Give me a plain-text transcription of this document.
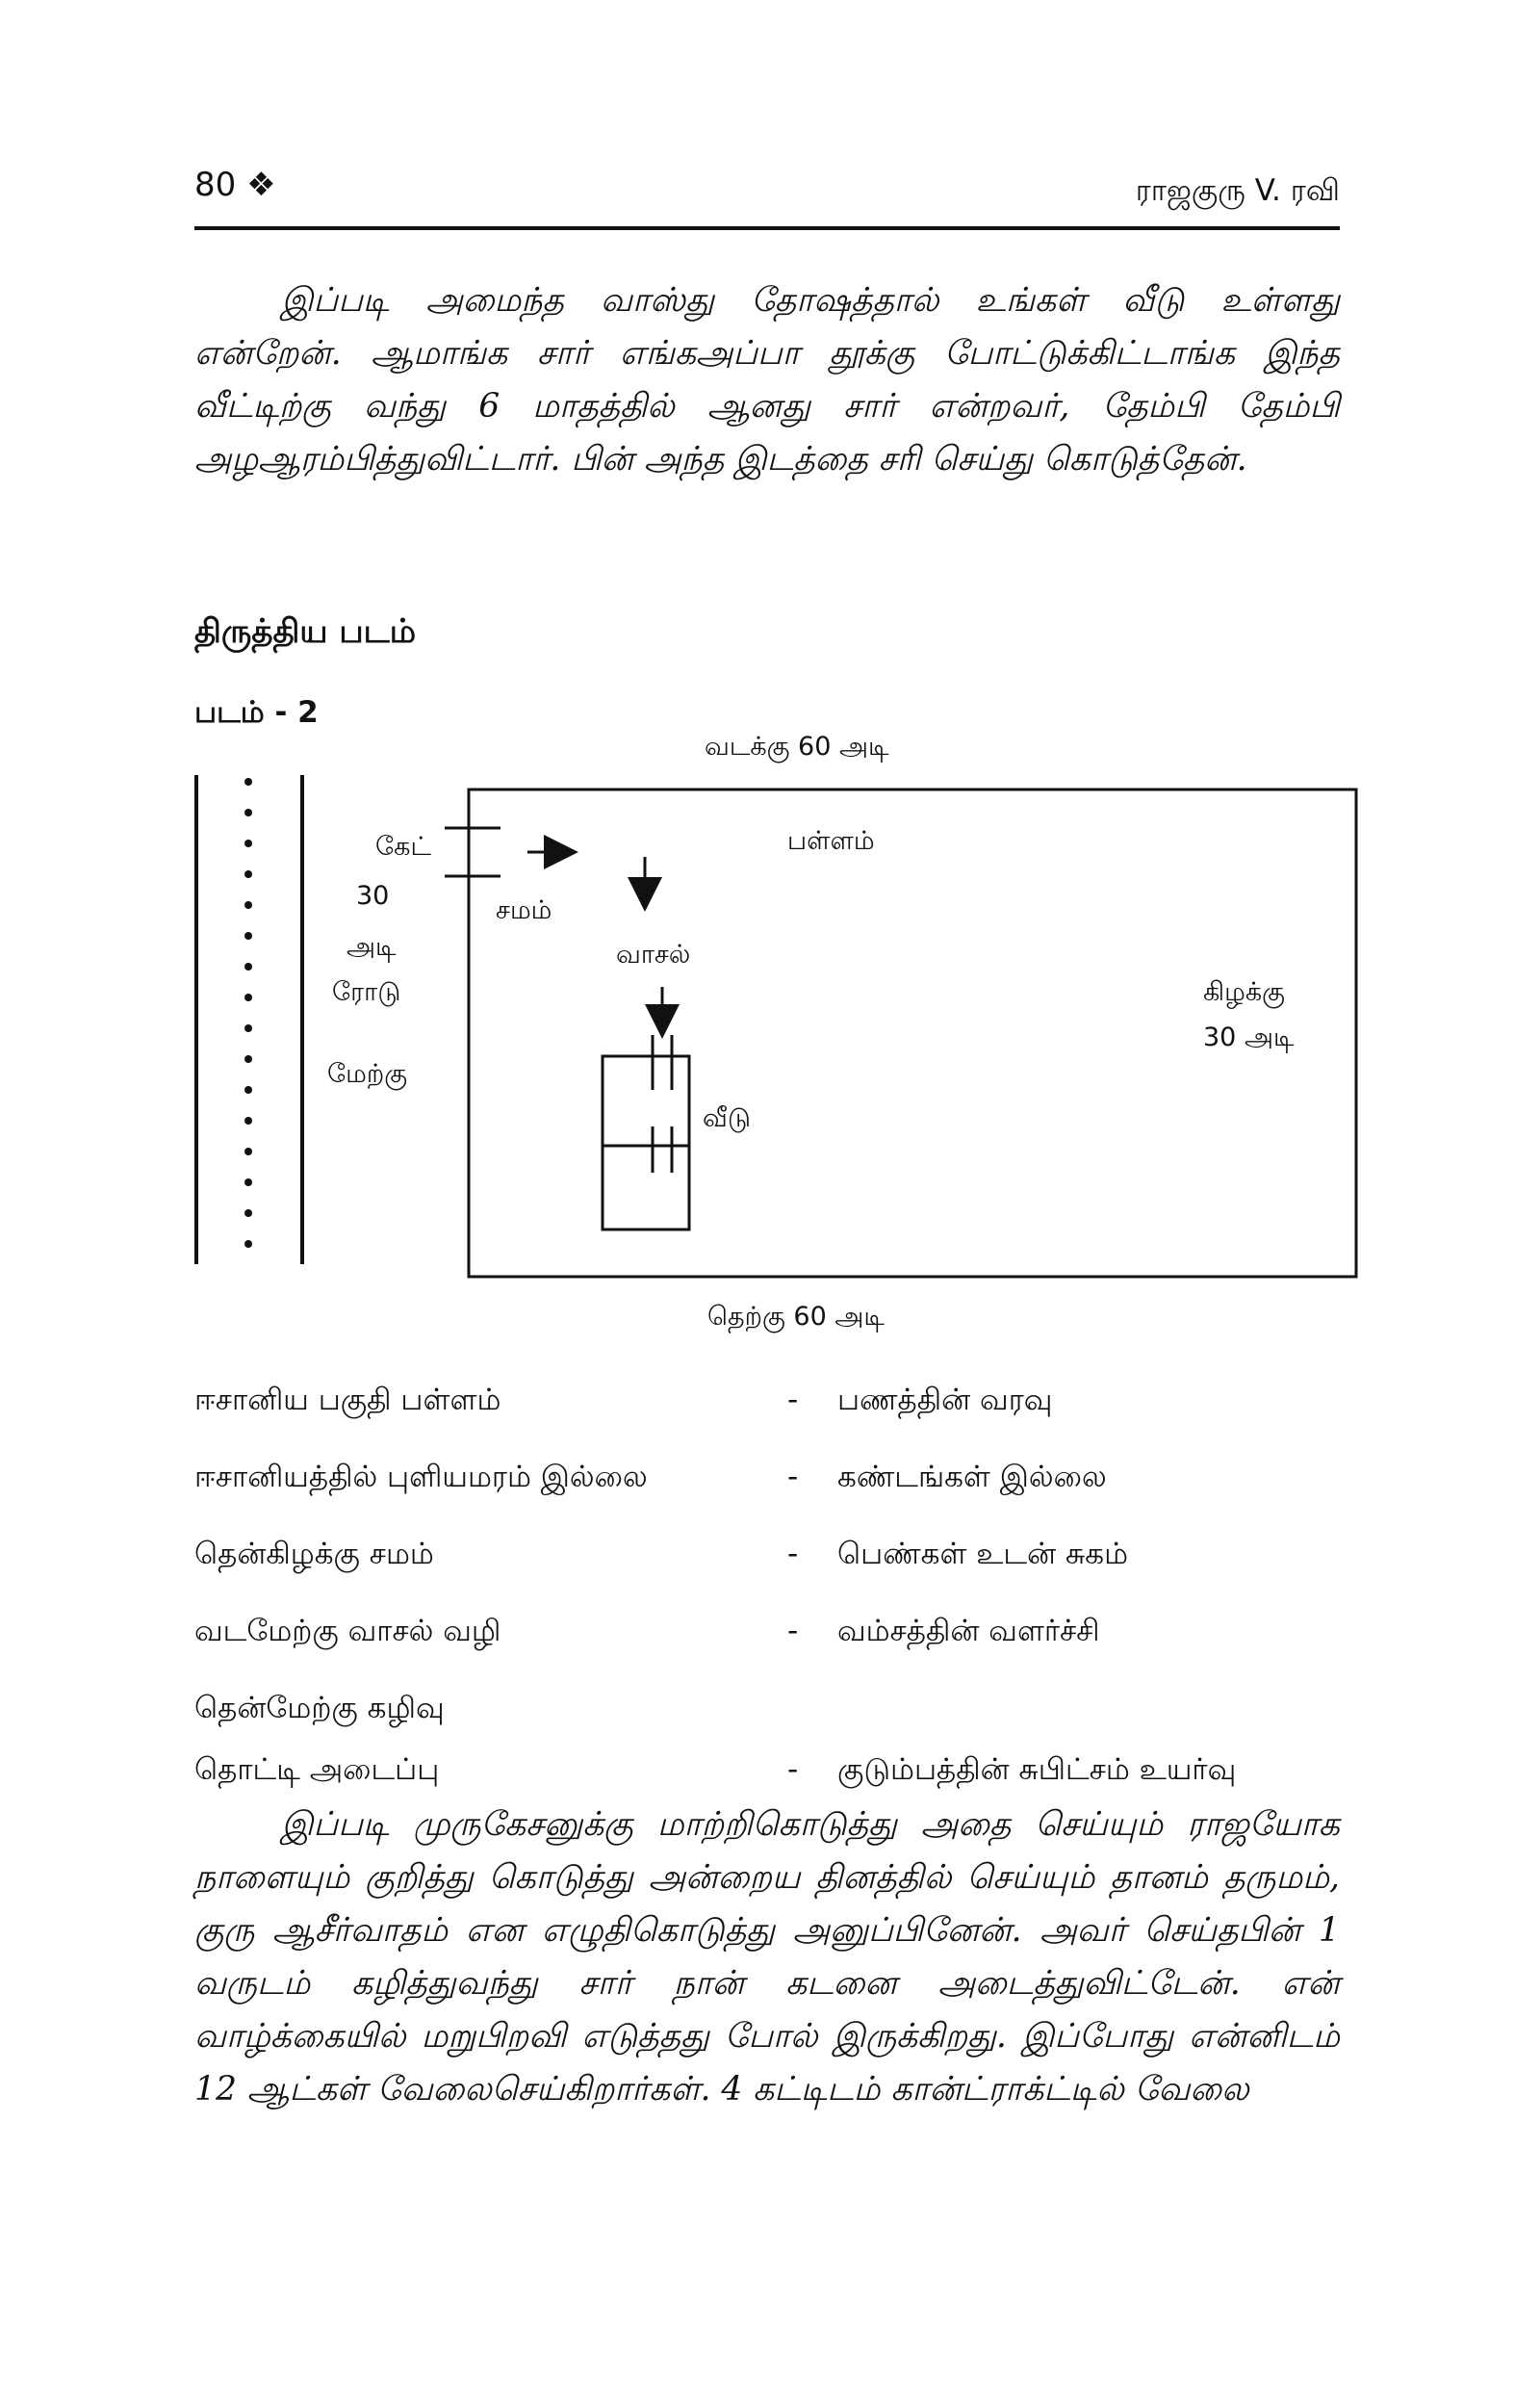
80 ❖	ராஜகுரு V. ரவி

இப்படி அமைந்த வாஸ்து தோஷத்தால் உங்கள் வீடு உள்ளது என்றேன். ஆமாங்க சார் எங்கஅப்பா தூக்கு போட்டுக்கிட்டாங்க இந்த வீட்டிற்கு வந்து 6 மாதத்தில் ஆனது சார் என்றவர், தேம்பி தேம்பி அழஆரம்பித்துவிட்டார். பின் அந்த இடத்தை சரி செய்து கொடுத்தேன்.

திருத்திய படம்
படம் - 2
வடக்கு 60 அடி
தெற்கு 60 அடி
கிழக்கு
30 அடி
கேட்
30
அடி
ரோடு
மேற்கு
சமம்
பள்ளம்
வாசல்
வீடு
ஈசானிய பகுதி பள்ளம்	- பணத்தின் வரவு
ஈசானியத்தில் புளியமரம் இல்லை	- கண்டங்கள் இல்லை
தென்கிழக்கு சமம்	- பெண்கள் உடன் சுகம்
வடமேற்கு வாசல் வழி	- வம்சத்தின் வளர்ச்சி
தென்மேற்கு கழிவு
தொட்டி அடைப்பு	- குடும்பத்தின் சுபிட்சம் உயர்வு

இப்படி முருகேசனுக்கு மாற்றிகொடுத்து அதை செய்யும் ராஜயோக நாளையும் குறித்து கொடுத்து அன்றைய தினத்தில் செய்யும் தானம் தருமம், குரு ஆசீர்வாதம் என எழுதிகொடுத்து அனுப்பினேன். அவர் செய்தபின் 1 வருடம் கழித்துவந்து சார் நான் கடனை அடைத்துவிட்டேன். என் வாழ்க்கையில் மறுபிறவி எடுத்தது போல் இருக்கிறது. இப்போது என்னிடம் 12 ஆட்கள் வேலைசெய்கிறார்கள். 4 கட்டிடம் கான்ட்ராக்ட்டில் வேலை
